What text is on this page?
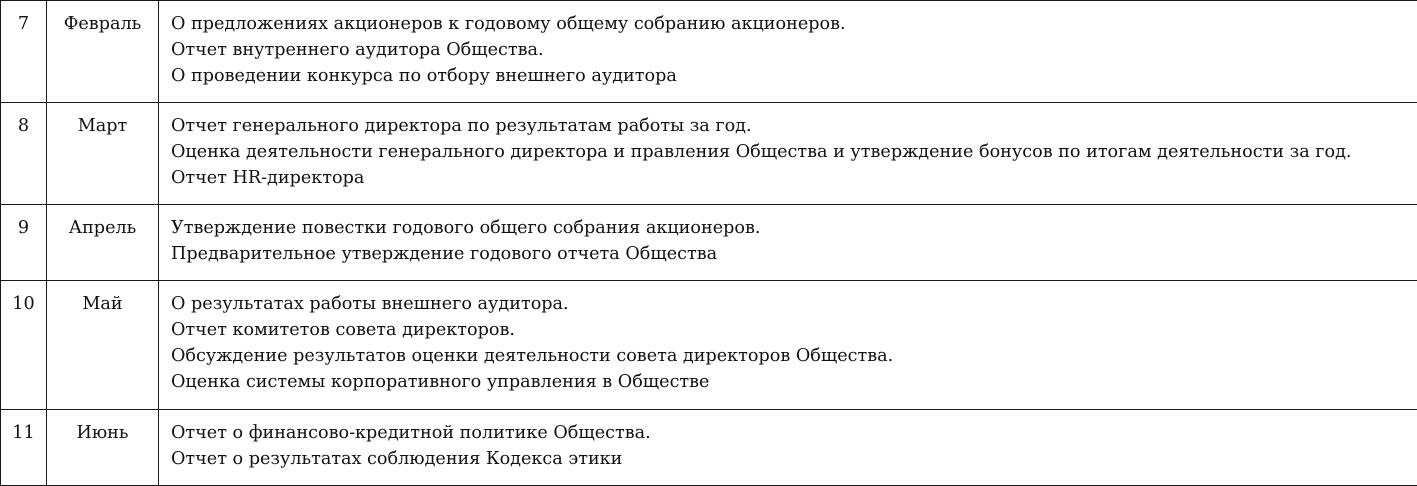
7	Февраль	О предложениях акционеров к годовому общему собранию акционеров.
Отчет внутреннего аудитора Общества.
О проведении конкурса по отбору внешнего аудитора

8	Март	Отчет генерального директора по результатам работы за год.
Оценка деятельности генерального директора и правления Общества и утверждение бонусов по итогам деятельности за год.
Отчет HR-директора

9	Апрель	Утверждение повестки годового общего собрания акционеров.
Предварительное утверждение годового отчета Общества

10	Май	О результатах работы внешнего аудитора.
Отчет комитетов совета директоров.
Обсуждение результатов оценки деятельности совета директоров Общества.
Оценка системы корпоративного управления в Обществе

11	Июнь	Отчет о финансово-кредитной политике Общества.
Отчет о результатах соблюдения Кодекса этики
